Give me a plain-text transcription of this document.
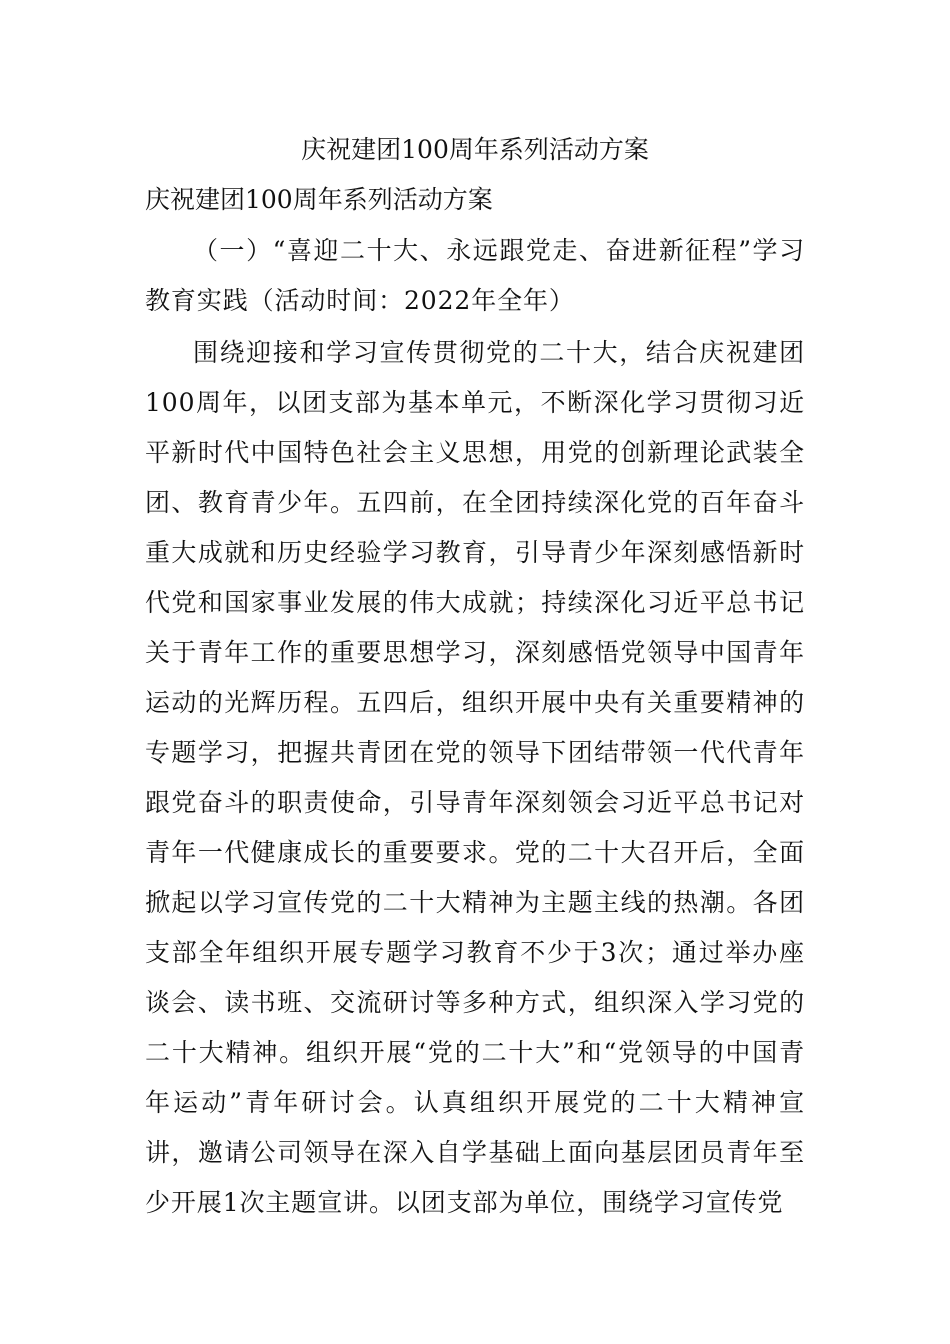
庆祝建团100周年系列活动方案

庆祝建团100周年系列活动方案

（一）“喜迎二十大、永远跟党走、奋进新征程”学习教育实践（活动时间：2022年全年）

围绕迎接和学习宣传贯彻党的二十大，结合庆祝建团100周年，以团支部为基本单元，不断深化学习贯彻习近平新时代中国特色社会主义思想，用党的创新理论武装全团、教育青少年。五四前，在全团持续深化党的百年奋斗重大成就和历史经验学习教育，引导青少年深刻感悟新时代党和国家事业发展的伟大成就；持续深化习近平总书记关于青年工作的重要思想学习，深刻感悟党领导中国青年运动的光辉历程。五四后，组织开展中央有关重要精神的专题学习，把握共青团在党的领导下团结带领一代代青年跟党奋斗的职责使命，引导青年深刻领会习近平总书记对青年一代健康成长的重要要求。党的二十大召开后，全面掀起以学习宣传党的二十大精神为主题主线的热潮。各团支部全年组织开展专题学习教育不少于3次；通过举办座谈会、读书班、交流研讨等多种方式，组织深入学习党的二十大精神。组织开展“党的二十大”和“党领导的中国青年运动”青年研讨会。认真组织开展党的二十大精神宣讲，邀请公司领导在深入自学基础上面向基层团员青年至少开展1次主题宣讲。以团支部为单位，围绕学习宣传党
